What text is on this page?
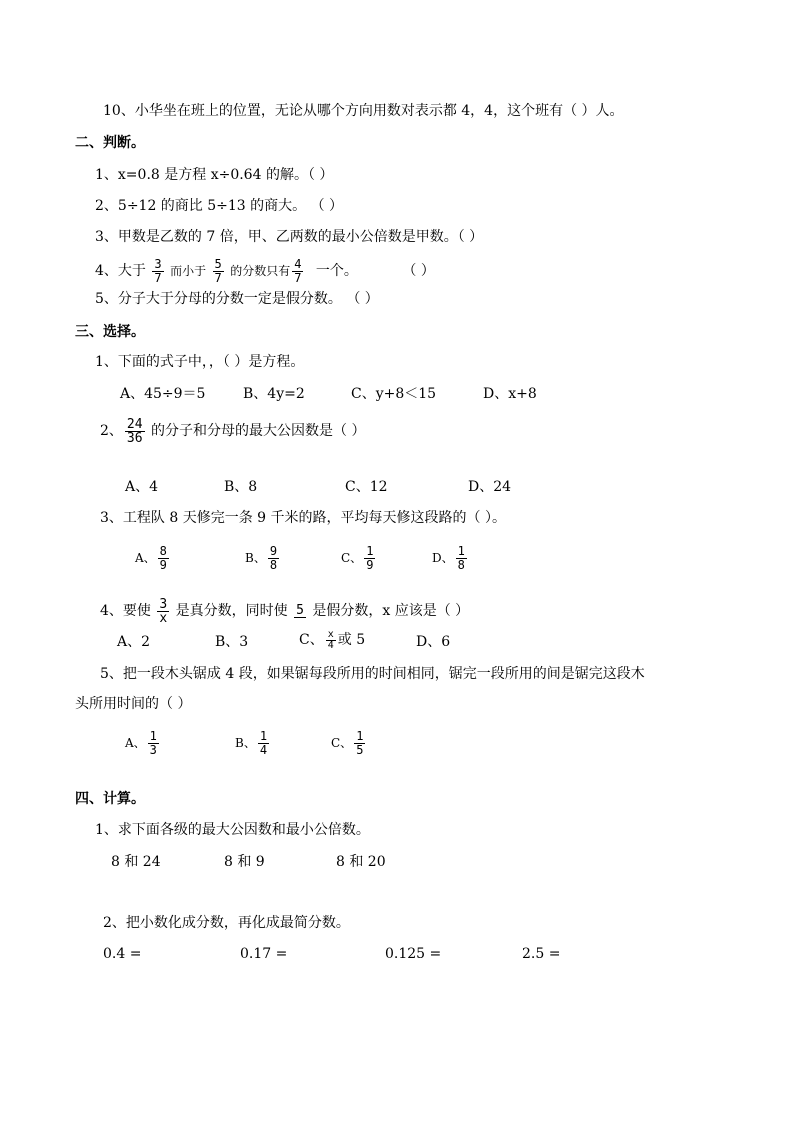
10、小华坐在班上的位置，无论从哪个方向用数对表示都 4，4，这个班有（ ）人。
二、判断。
1、x=0.8 是方程 x÷0.64 的解。（ ）
2、5÷12 的商比 5÷13 的商大。 （ ）
3、甲数是乙数的 7 倍，甲、乙两数的最小公倍数是甲数。（ ）
4、大于 $\frac{3}{7}$ 而小于 $\frac{5}{7}$ 的分数只有 $\frac{4}{7}$ 一个。	（ ）
5、分子大于分母的分数一定是假分数。 （ ）
三、选择。
1、下面的式子中，，（ ）是方程。
A、45÷9＝5	B、4y=2	C、y+8＜15	D、x+8
2、 $\frac{24}{36}$ 的分子和分母的最大公因数是（ ）
A、4	B、8	C、12	D、24
3、工程队 8 天修完一条 9 千米的路，平均每天修这段路的（ ）。
A、 $\frac{8}{9}$	B、 $\frac{9}{8}$	C、 $\frac{1}{9}$	D、 $\frac{1}{8}$
4、要使 $\frac{3}{x}$ 是真分数，同时使 5 是假分数，x 应该是（ ）
A、2	B、3	C、 $\frac{x}{4}$ 或 5	D、6
5、把一段木头锯成 4 段，如果锯每段所用的时间相同，锯完一段所用的间是锯完这段木
头所用时间的（ ）
A、 $\frac{1}{3}$	B、 $\frac{1}{4}$	C、 $\frac{1}{5}$
四、计算。
1、求下面各级的最大公因数和最小公倍数。
8 和 24	8 和 9	8 和 20
2、把小数化成分数，再化成最简分数。
0.4 =	0.17 =	0.125 =	2.5 =
